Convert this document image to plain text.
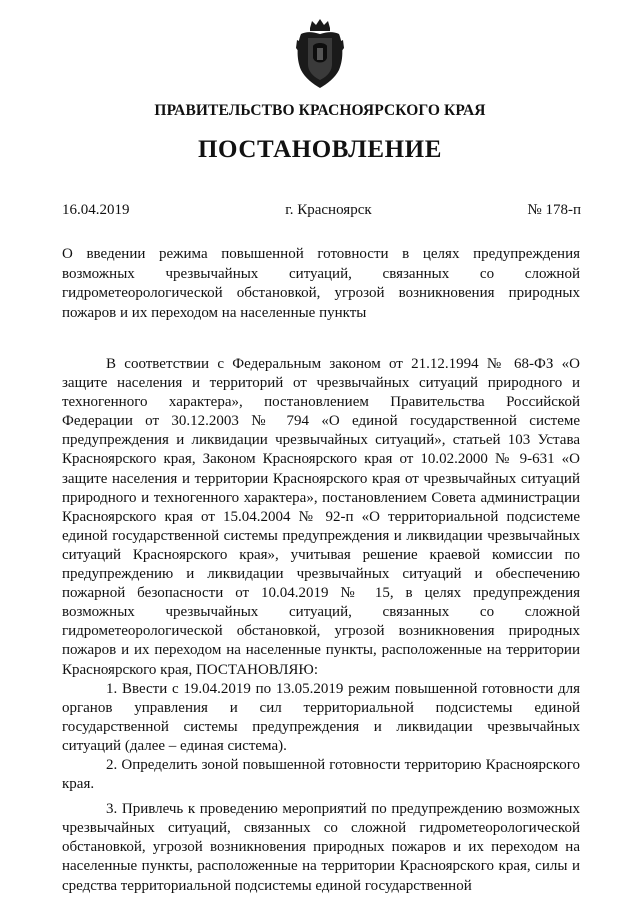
ПРАВИТЕЛЬСТВО КРАСНОЯРСКОГО КРАЯ
ПОСТАНОВЛЕНИЕ
16.04.2019	г. Красноярск	№ 178-п
О введении режима повышенной готовности в целях предупреждения возможных чрезвычайных ситуаций, связанных со сложной гидрометеорологической обстановкой, угрозой возникновения природных пожаров и их переходом на населенные пункты

В соответствии с Федеральным законом от 21.12.1994 № 68-ФЗ «О защите населения и территорий от чрезвычайных ситуаций природного и техногенного характера», постановлением Правительства Российской Федерации от 30.12.2003 № 794 «О единой государственной системе предупреждения и ликвидации чрезвычайных ситуаций», статьей 103 Устава Красноярского края, Законом Красноярского края от 10.02.2000 № 9-631 «О защите населения и территории Красноярского края от чрезвычайных ситуаций природного и техногенного характера», постановлением Совета администрации Красноярского края от 15.04.2004 № 92-п «О территориальной подсистеме единой государственной системы предупреждения и ликвидации чрезвычайных ситуаций Красноярского края», учитывая решение краевой комиссии по предупреждению и ликвидации чрезвычайных ситуаций и обеспечению пожарной безопасности от 10.04.2019 № 15, в целях предупреждения возможных чрезвычайных ситуаций, связанных со сложной гидрометеорологической обстановкой, угрозой возникновения природных пожаров и их переходом на населенные пункты, расположенные на территории Красноярского края, ПОСТАНОВЛЯЮ:

1. Ввести с 19.04.2019 по 13.05.2019 режим повышенной готовности для органов управления и сил территориальной подсистемы единой государственной системы предупреждения и ликвидации чрезвычайных ситуаций (далее – единая система).

2. Определить зоной повышенной готовности территорию Красноярского края.

3. Привлечь к проведению мероприятий по предупреждению возможных чрезвычайных ситуаций, связанных со сложной гидрометеорологической обстановкой, угрозой возникновения природных пожаров и их переходом на населенные пункты, расположенные на территории Красноярского края, силы и средства территориальной подсистемы единой государственной
